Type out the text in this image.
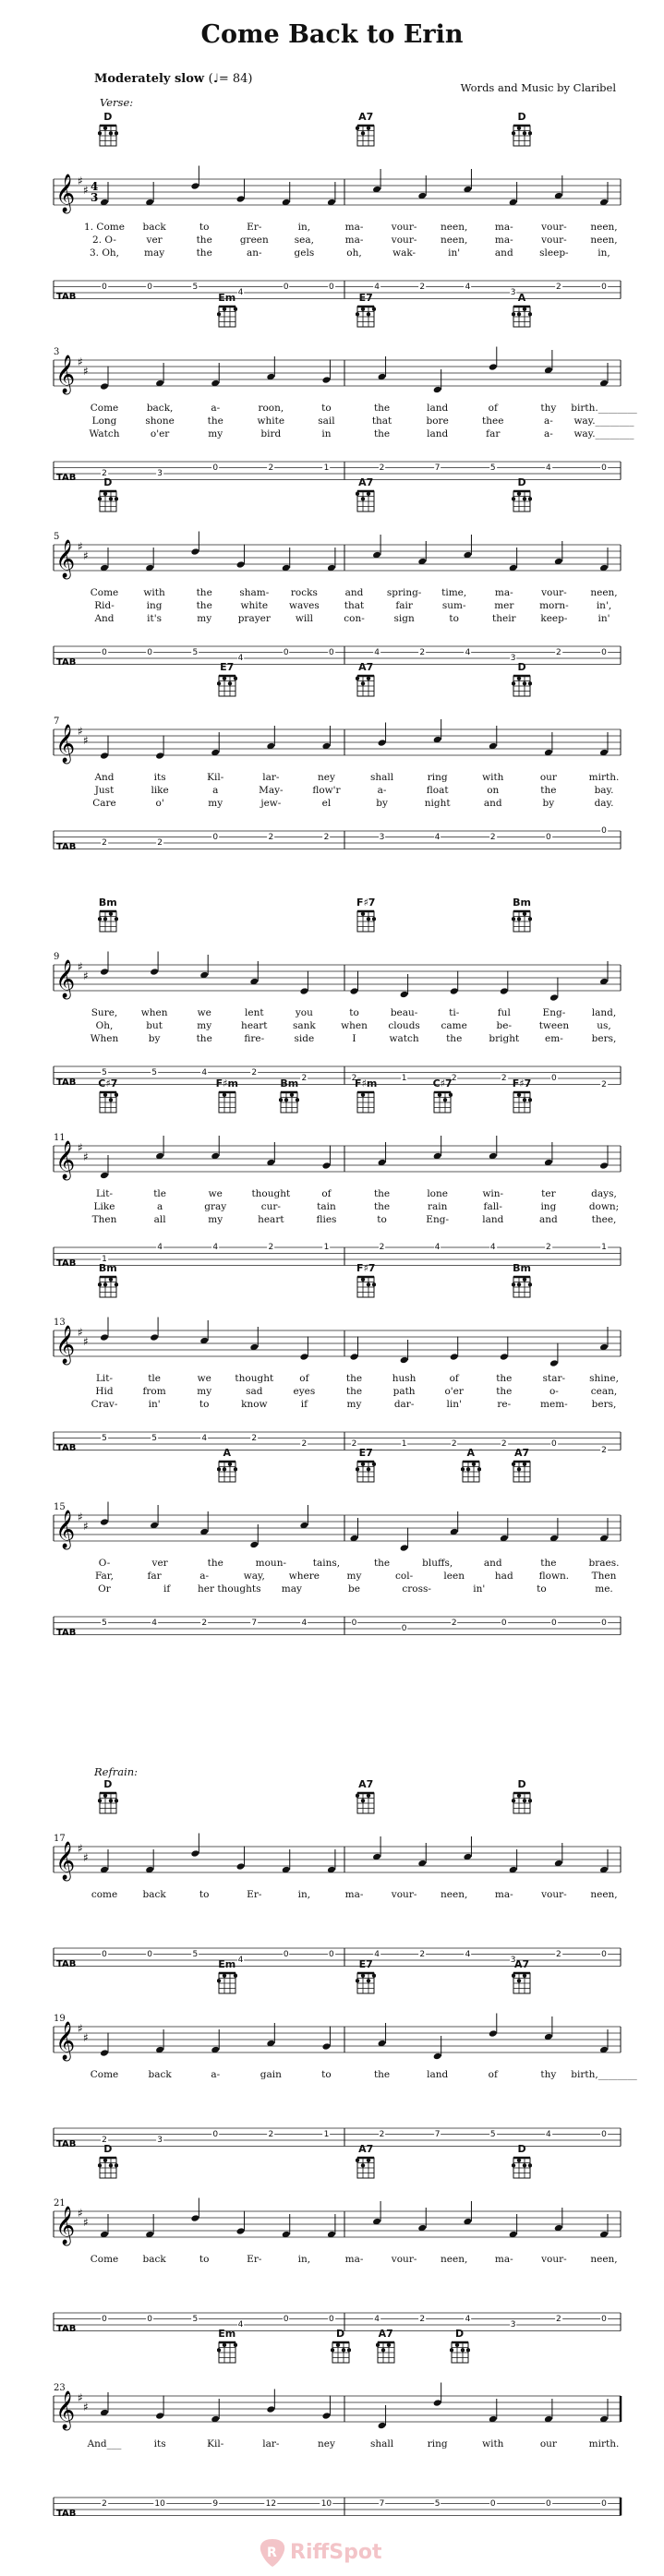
Come Back to Erin
Moderately slow (♩= 84)
Words and Music by Claribel
Verse:
Refrain:
D	A7	D
𝄞 ♯
♯
3
4
TAB
0	0	5
4
0	0	4	2	4
3
2	0
1. Come back	to	Er-	in,	ma-	vour- neen,	ma-	vour- neen,
2. O-	ver	the	green	sea,	ma-	vour- neen,	ma-	vour- neen,
3. Oh,	may	the	an-	gels	oh,	wak-	in'	and	sleep-	in,
3
Em	E7	A
𝄞 ♯
♯
TAB	2	3
0	2	1	2	7	5	4	0
Come	back,	a-	roon,	to	the	land	of	thy birth.________
Long	shone	the	white	sail	that	bore	thee	a- way.________
Watch	o'er	my	bird	in	the	land	far	a- way.________
5
D	A7	D
𝄞 ♯
♯
TAB
0	0	5
4
0	0	4	2	4
3
2	0
Come	with	the	sham- rocks	and spring- time,	ma-	vour- neen,
Rid-	ing	the	white waves	that	fair	sum-	mer	morn-	in',
And	it's	my	prayer	will	con-	sign	to	their	keep-	in'
7
E7	A7	D
𝄞 ♯
♯
TAB	2	2
0	2	2	3	4	2	0
0
And	its	Kil-	lar-	ney	shall	ring	with	our	mirth.
Just	like	a	May-	flow'r	a-	float	on	the	bay.
Care	o'	my	jew-	el	by	night	and	by	day.
9
Bm	F♯7	Bm
𝄞 ♯
♯
TAB
5	5	4	2
2	2	1	2	2	0
2
Sure, when	we	lent	you	to	beau-	ti-	ful	Eng-	land,
Oh,	but	my	heart	sank	when clouds came	be-	tween	us,
When	by	the	fire-	side	I	watch	the	bright	em-	bers,
11
C♯7	F♯m	Bm	F♯m	C♯7	F♯7
𝄞 ♯
♯
TAB	1
4	4	2	1	2	4	4	2	1
Lit-	tle	we	thought	of	the	lone	win-	ter	days,
Like	a	gray	cur-	tain	the	rain	fall-	ing	down;
Then	all	my	heart	flies	to	Eng-	land	and	thee,
13
Bm	F♯7	Bm
𝄞 ♯
♯
TAB
5	5	4	2
2	2	1	2	2	0
2
Lit-	tle	we thought	of	the	hush	of	the	star- shine,
Hid	from	my	sad	eyes	the	path	o'er	the	o-	cean,
Crav-	in'	to	know	if	my	dar-	lin'	re-	mem- bers,
15
A	E7	A	A7
𝄞 ♯
♯
TAB
5	4	2	7	4	0
0
2	0	0	0
O-	ver	the	moun-	tains,	the	bluffs,	and	the	braes.
Far,	far	a-	way, where	my	col-	leen	had	flown. Then
Or	if	her thoughts may	be	cross-	in'	to	me.
17
D	A7	D
𝄞 ♯
♯
TAB
0	0	5
4
0	0	4	2	4
3
2	0
come	back	to	Er-	in,	ma-	vour- neen,	ma-	vour- neen,
19
Em	E7	A7
𝄞 ♯
♯
TAB	2	3
0	2	1	2	7	5	4	0
Come	back	a-	gain	to	the	land	of	thy birth,________
21
D	A7	D
𝄞 ♯
♯
TAB
0	0	5
4
0	0	4	2	4
3
2	0
Come back	to	Er-	in,	ma-	vour- neen,	ma-	vour- neen,
23
Em	D	A7	D
𝄞 ♯
♯
TAB
2	10	9	12	10	7	5	0	0	0
And___	its	Kil-	lar-	ney	shall	ring	with	our	mirth.
R RiffSpot
